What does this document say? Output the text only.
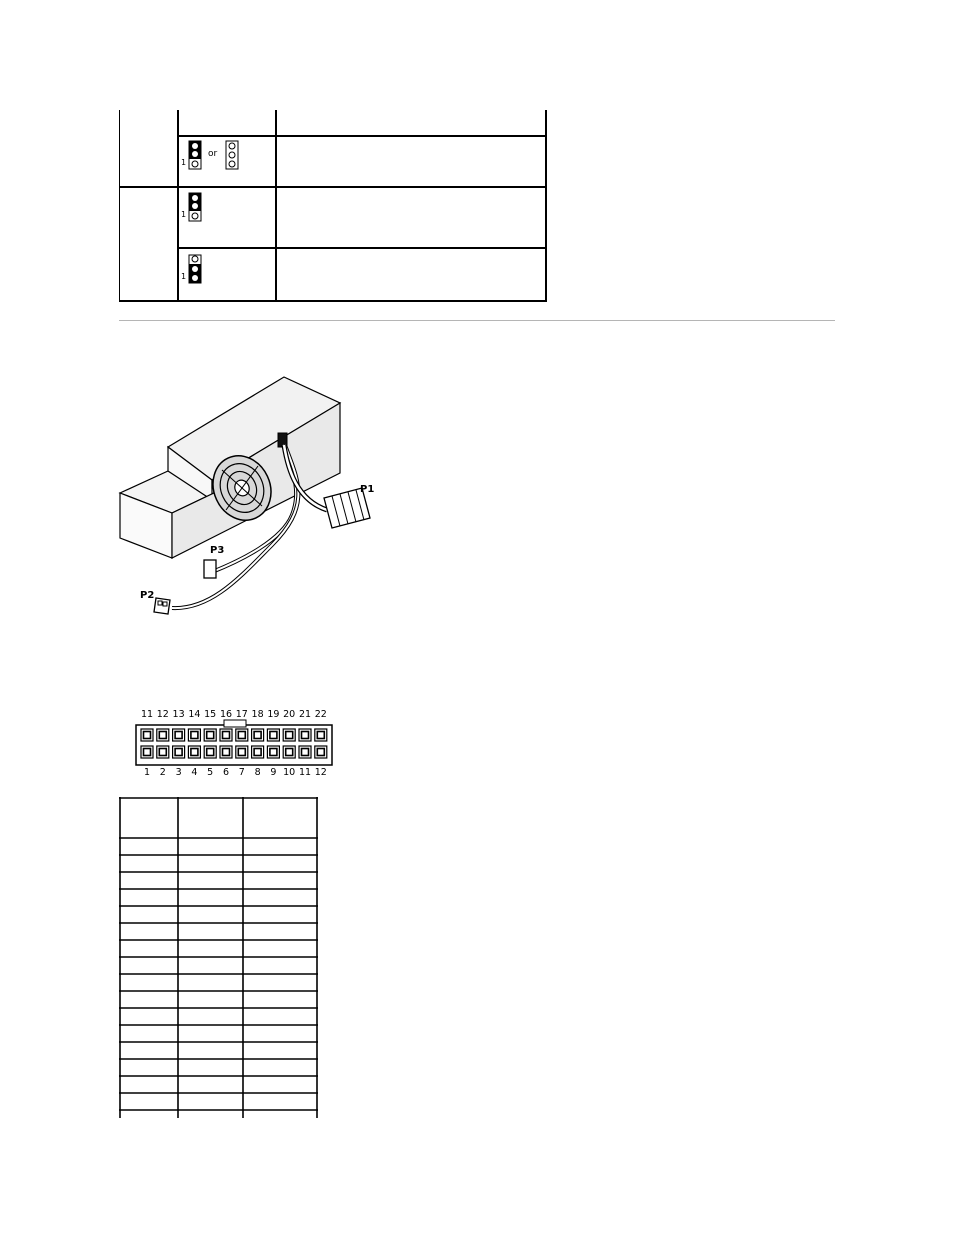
1
or
1
1
P1
P3
P2
11 12 13 14 15 16 17 18 19 20 21 22
1 2 3 4 5 6 7 8 9 10 11 12
